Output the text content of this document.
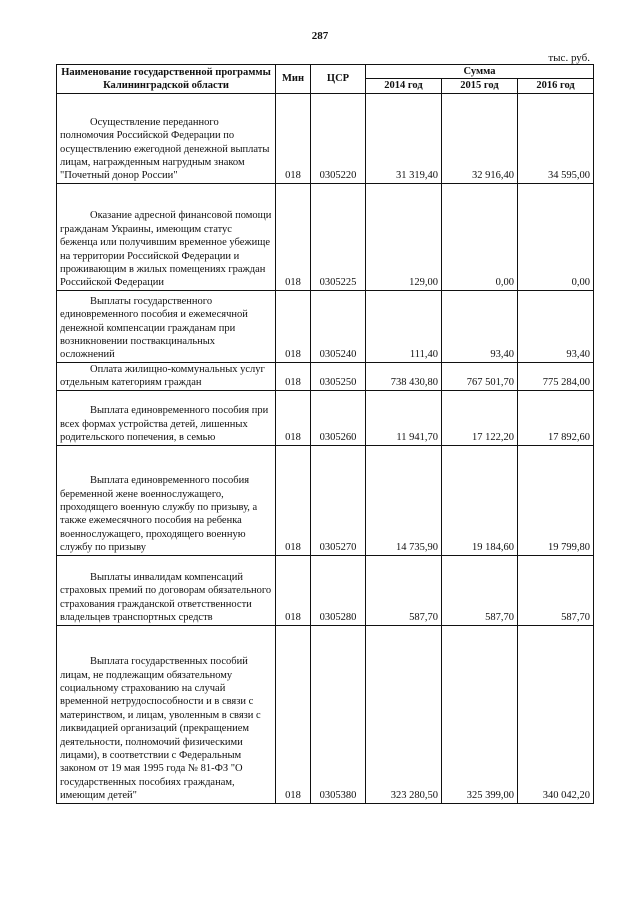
287
тыс. руб.
Наименование государственной программы Калининградской области	Мин	ЦСР	Сумма		
			2014 год	2015 год	2016 год

Осуществление переданного полномочия Российской Федерации по осуществлению ежегодной денежной выплаты лицам, награжденным нагрудным знаком "Почетный донор России"	018	0305220	31 319,40	32 916,40	34 595,00

Оказание адресной финансовой помощи гражданам Украины, имеющим статус беженца или получившим временное убежище на территории Российской Федерации и проживающим в жилых помещениях граждан Российской Федерации	018	0305225	129,00	0,00	0,00

Выплаты государственного единовременного пособия и ежемесячной денежной компенсации гражданам при возникновении поствакцинальных осложнений	018	0305240	111,40	93,40	93,40

Оплата жилищно-коммунальных услуг отдельным категориям граждан	018	0305250	738 430,80	767 501,70	775 284,00

Выплата единовременного пособия при всех формах устройства детей, лишенных родительского попечения, в семью	018	0305260	11 941,70	17 122,20	17 892,60

Выплата единовременного пособия беременной жене военнослужащего, проходящего военную службу по призыву, а также ежемесячного пособия на ребенка военнослужащего, проходящего военную службу по призыву	018	0305270	14 735,90	19 184,60	19 799,80

Выплаты инвалидам компенсаций страховых премий по договорам обязательного страхования гражданской ответственности владельцев транспортных средств	018	0305280	587,70	587,70	587,70

Выплата государственных пособий лицам, не подлежащим обязательному социальному страхованию на случай временной нетрудоспособности и в связи с материнством, и лицам, уволенным в связи с ликвидацией организаций (прекращением деятельности, полномочий физическими лицами), в соответствии с Федеральным законом от 19 мая 1995 года № 81-ФЗ "О государственных пособиях гражданам, имеющим детей"	018	0305380	323 280,50	325 399,00	340 042,20
